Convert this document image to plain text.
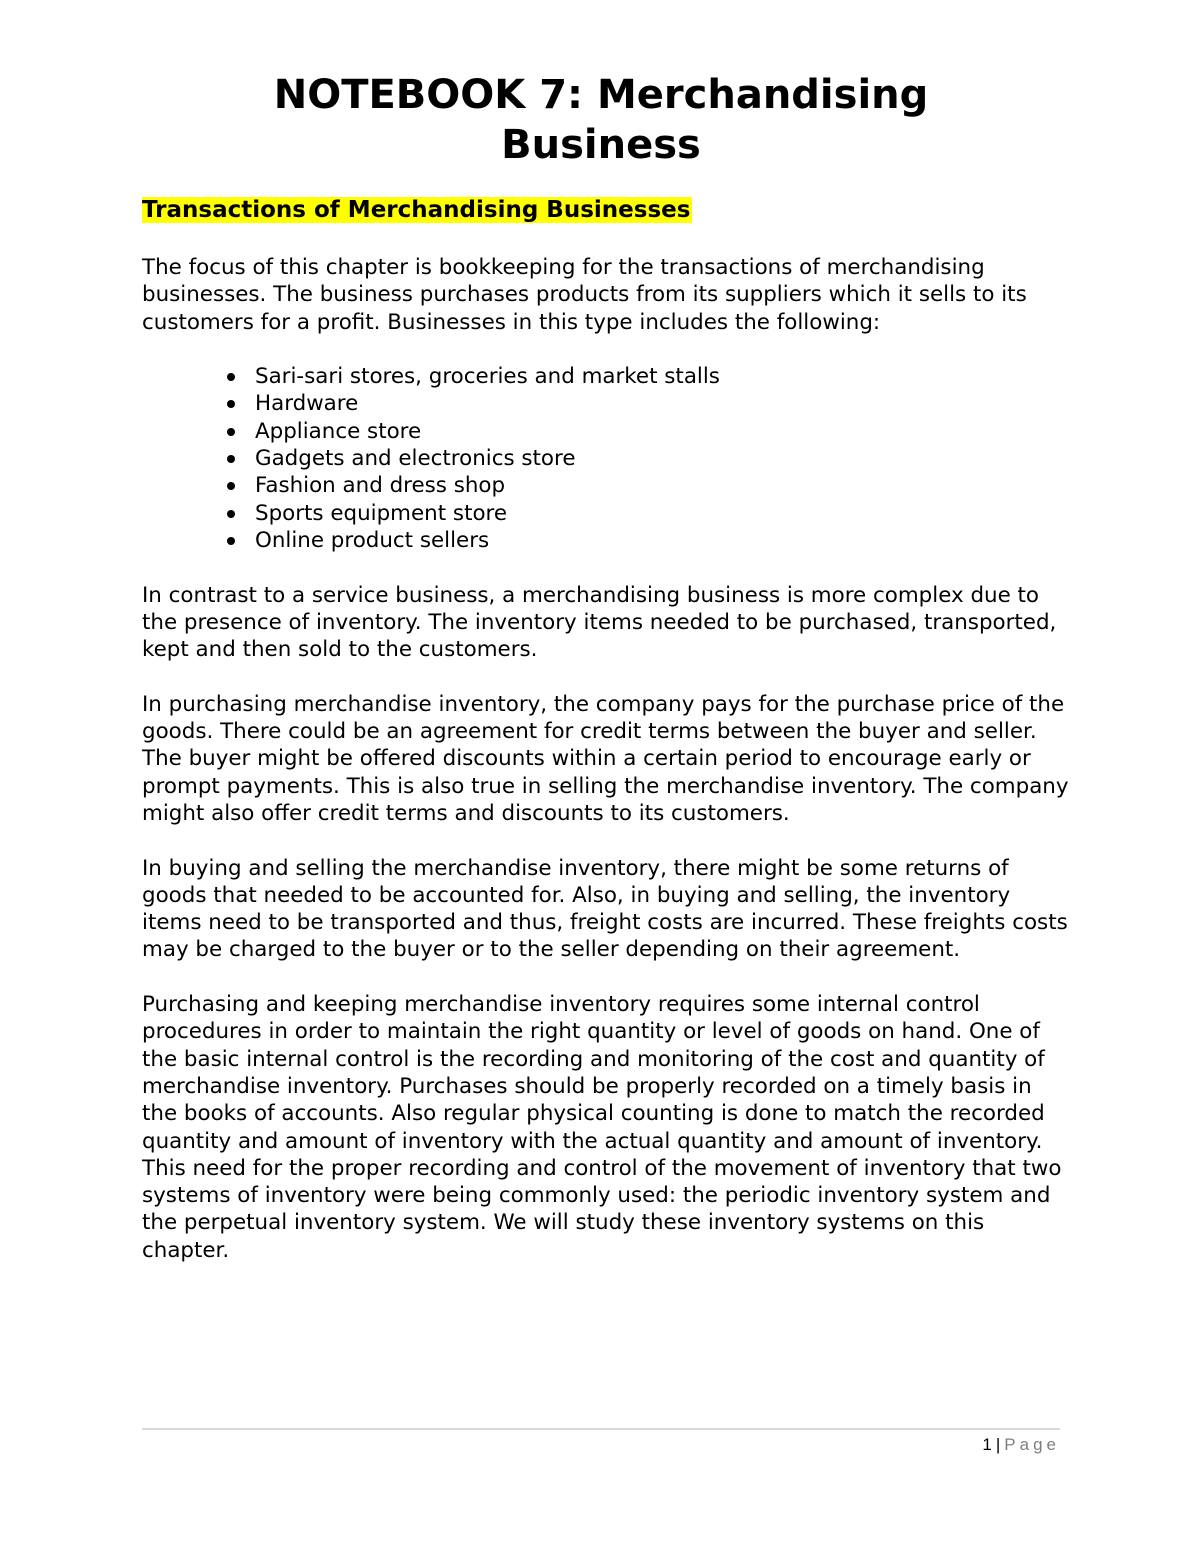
NOTEBOOK 7: Merchandising
Business
Transactions of Merchandising Businesses

The focus of this chapter is bookkeeping for the transactions of merchandising businesses. The business purchases products from its suppliers which it sells to its customers for a profit. Businesses in this type includes the following:

Sari-sari stores, groceries and market stalls
Hardware
Appliance store
Gadgets and electronics store
Fashion and dress shop
Sports equipment store
Online product sellers

In contrast to a service business, a merchandising business is more complex due to the presence of inventory. The inventory items needed to be purchased, transported, kept and then sold to the customers.

In purchasing merchandise inventory, the company pays for the purchase price of the goods. There could be an agreement for credit terms between the buyer and seller. The buyer might be offered discounts within a certain period to encourage early or prompt payments. This is also true in selling the merchandise inventory. The company might also offer credit terms and discounts to its customers.

In buying and selling the merchandise inventory, there might be some returns of goods that needed to be accounted for. Also, in buying and selling, the inventory items need to be transported and thus, freight costs are incurred. These freights costs may be charged to the buyer or to the seller depending on their agreement.

Purchasing and keeping merchandise inventory requires some internal control procedures in order to maintain the right quantity or level of goods on hand. One of the basic internal control is the recording and monitoring of the cost and quantity of merchandise inventory. Purchases should be properly recorded on a timely basis in the books of accounts. Also regular physical counting is done to match the recorded quantity and amount of inventory with the actual quantity and amount of inventory. This need for the proper recording and control of the movement of inventory that two systems of inventory were being commonly used: the periodic inventory system and the perpetual inventory system. We will study these inventory systems on this chapter.

1 | Page
